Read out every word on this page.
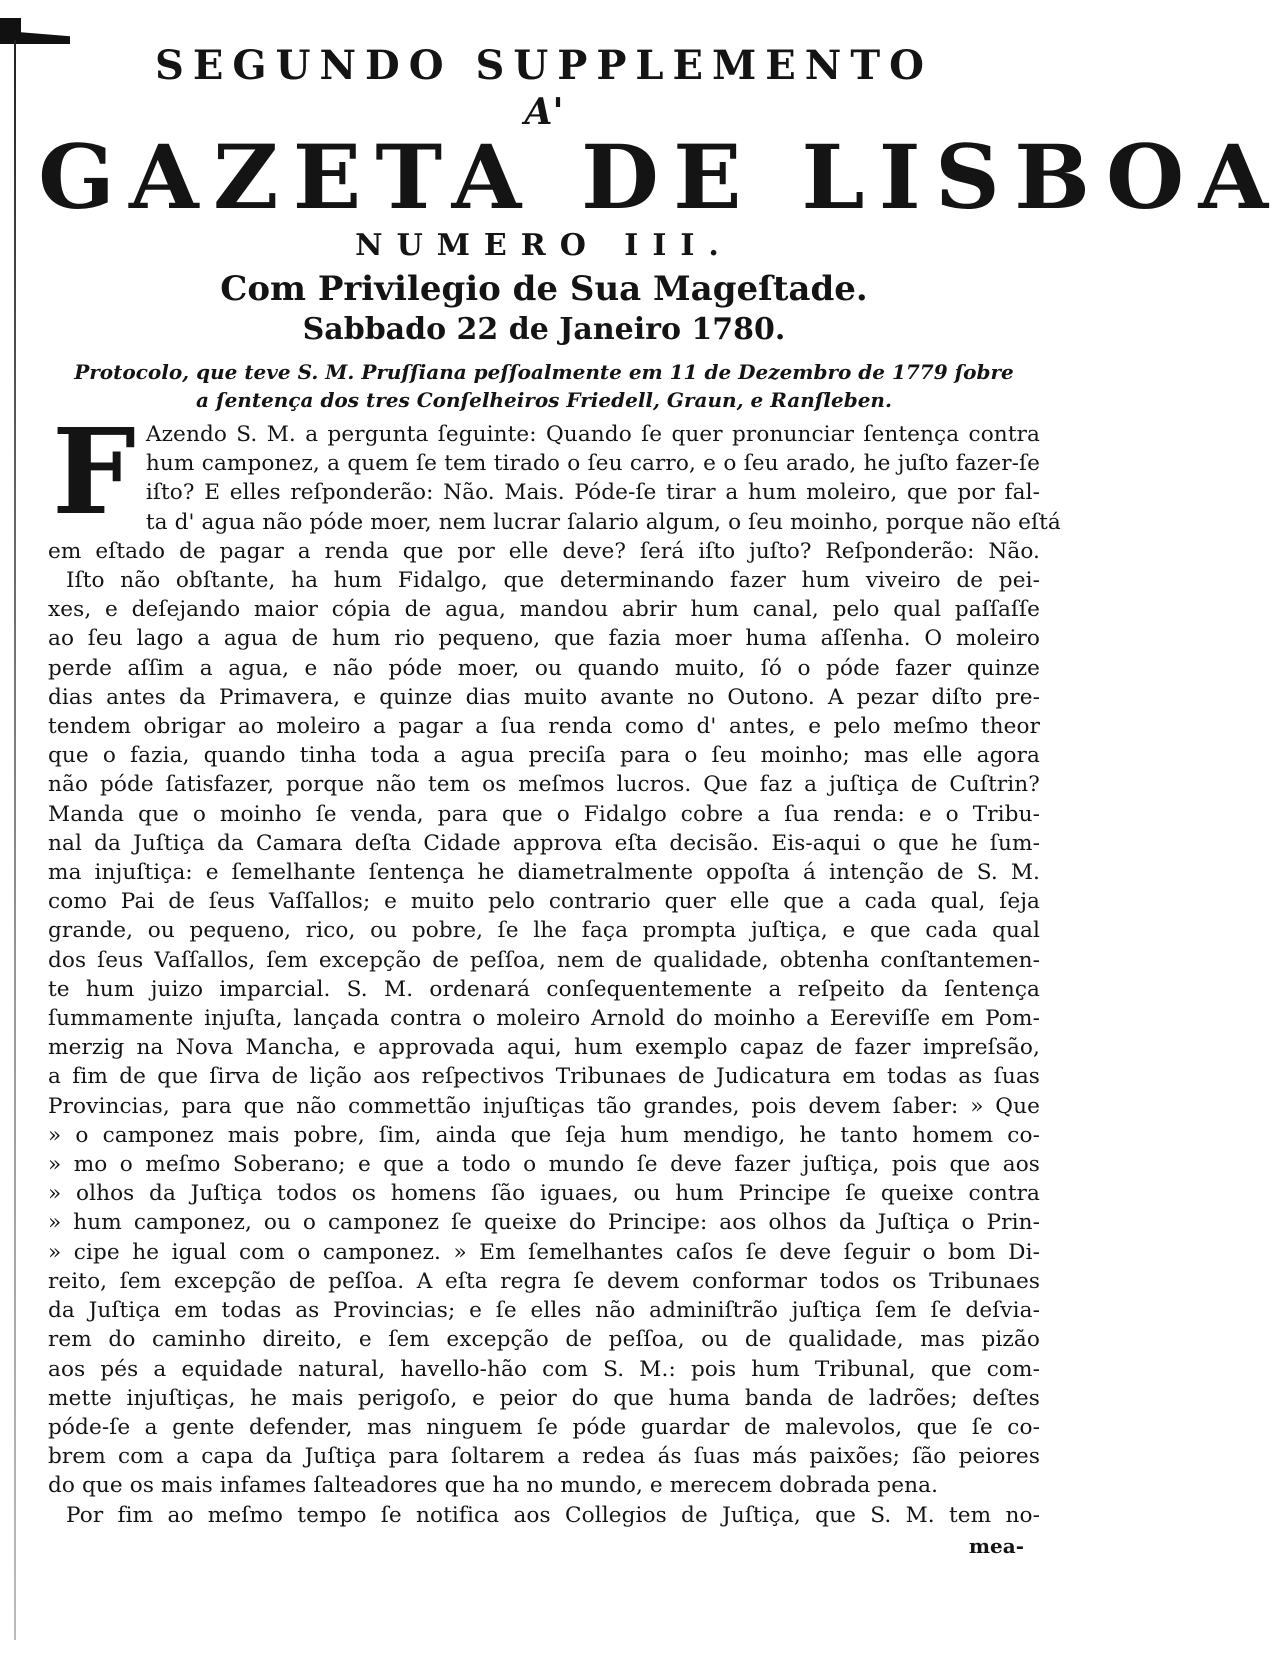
SEGUNDO SUPPLEMENTO
A'
GAZETA DE LISBOA
NUMERO III.
Com Privilegio de Sua Mageſtade.
Sabbado 22 de Janeiro 1780.
Protocolo, que teve S. M. Pruſſiana peſſoalmente em 11 de Dezembro de 1779 ſobre
a ſentença dos tres Conſelheiros Friedell, Graun, e Ranſleben.
F Azendo S. M. a pergunta ſeguinte: Quando ſe quer pronunciar ſentença contra
hum camponez, a quem ſe tem tirado o ſeu carro, e o ſeu arado, he juſto fazer-ſe
iſto? E elles reſponderão: Não. Mais. Póde-ſe tirar a hum moleiro, que por fal-
ta d' agua não póde moer, nem lucrar ſalario algum, o ſeu moinho, porque não eſtá
em eſtado de pagar a renda que por elle deve? ſerá iſto juſto? Reſponderão: Não.
Iſto não obſtante, ha hum Fidalgo, que determinando fazer hum viveiro de pei-
xes, e deſejando maior cópia de agua, mandou abrir hum canal, pelo qual paſſaſſe
ao ſeu lago a agua de hum rio pequeno, que fazia moer huma aſſenha. O moleiro
perde aſſim a agua, e não póde moer, ou quando muito, ſó o póde fazer quinze
dias antes da Primavera, e quinze dias muito avante no Outono. A pezar diſto pre-
tendem obrigar ao moleiro a pagar a ſua renda como d' antes, e pelo meſmo theor
que o fazia, quando tinha toda a agua preciſa para o ſeu moinho; mas elle agora
não póde ſatisfazer, porque não tem os meſmos lucros. Que faz a juſtiça de Cuſtrin?
Manda que o moinho ſe venda, para que o Fidalgo cobre a ſua renda: e o Tribu-
nal da Juſtiça da Camara deſta Cidade approva eſta decisão. Eis-aqui o que he ſum-
ma injuſtiça: e ſemelhante ſentença he diametralmente oppoſta á intenção de S. M.
como Pai de ſeus Vaſſallos; e muito pelo contrario quer elle que a cada qual, ſeja
grande, ou pequeno, rico, ou pobre, ſe lhe faça prompta juſtiça, e que cada qual
dos ſeus Vaſſallos, ſem excepção de peſſoa, nem de qualidade, obtenha conſtantemen-
te hum juizo imparcial. S. M. ordenará conſequentemente a reſpeito da ſentença
ſummamente injuſta, lançada contra o moleiro Arnold do moinho a Eereviſſe em Pom-
merzig na Nova Mancha, e approvada aqui, hum exemplo capaz de fazer impreſsão,
a fim de que ſirva de lição aos reſpectivos Tribunaes de Judicatura em todas as ſuas
Provincias, para que não commettão injuſtiças tão grandes, pois devem ſaber: » Que
» o camponez mais pobre, ſim, ainda que ſeja hum mendigo, he tanto homem co-
» mo o meſmo Soberano; e que a todo o mundo ſe deve fazer juſtiça, pois que aos
» olhos da Juſtiça todos os homens ſão iguaes, ou hum Principe ſe queixe contra
» hum camponez, ou o camponez ſe queixe do Principe: aos olhos da Juſtiça o Prin-
» cipe he igual com o camponez. » Em ſemelhantes caſos ſe deve ſeguir o bom Di-
reito, ſem excepção de peſſoa. A eſta regra ſe devem conformar todos os Tribunaes
da Juſtiça em todas as Provincias; e ſe elles não adminiſtrão juſtiça ſem ſe deſvia-
rem do caminho direito, e ſem excepção de peſſoa, ou de qualidade, mas pizão
aos pés a equidade natural, havello-hão com S. M.: pois hum Tribunal, que com-
mette injuſtiças, he mais perigoſo, e peior do que huma banda de ladrões; deſtes
póde-ſe a gente defender, mas ninguem ſe póde guardar de malevolos, que ſe co-
brem com a capa da Juſtiça para ſoltarem a redea ás ſuas más paixões; ſão peiores
do que os mais infames ſalteadores que ha no mundo, e merecem dobrada pena.
Por fim ao meſmo tempo ſe notifica aos Collegios de Juſtiça, que S. M. tem no-
mea-
